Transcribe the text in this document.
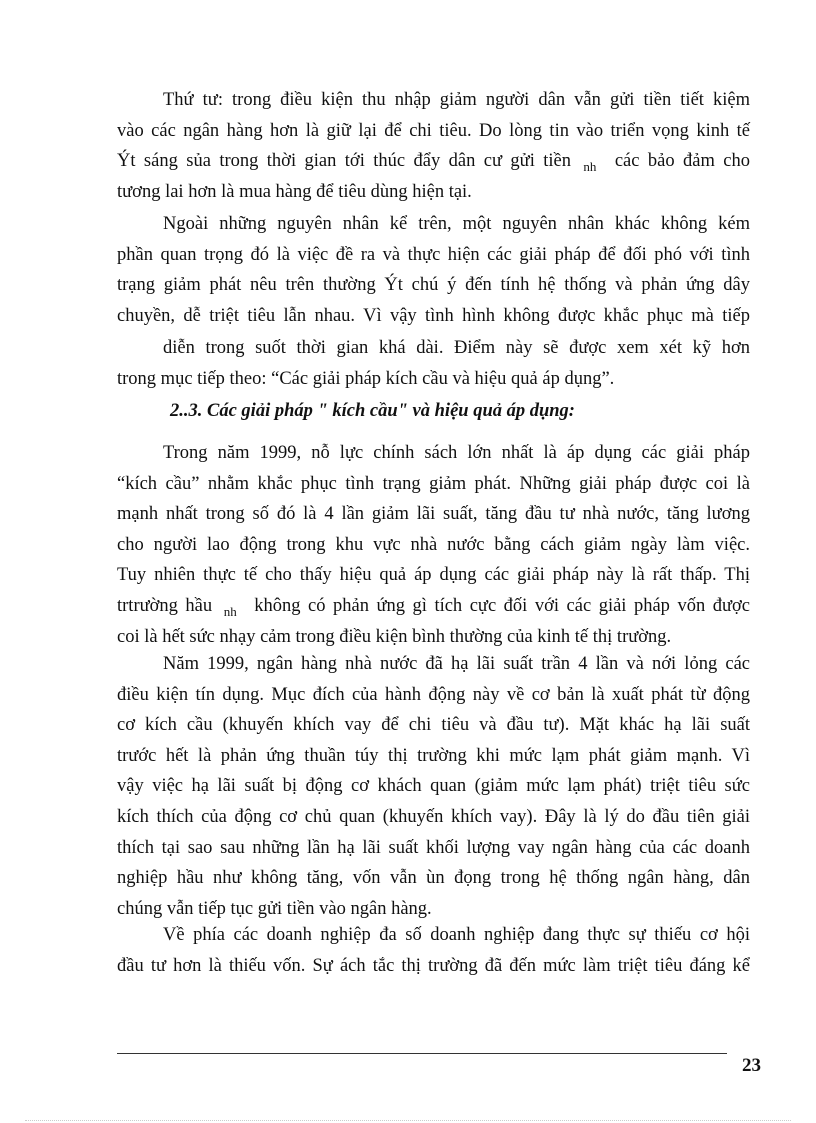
Thứ tư: trong điều kiện thu nhập giảm người dân vẫn gửi tiền tiết kiệm
vào các ngân hàng hơn là giữ lại để chi tiêu. Do lòng tin vào triển vọng kinh tế
Ýt sáng sủa trong thời gian tới thúc đẩy dân cư gửi tiền $_{nh}$ các bảo đảm cho
tương lai hơn là mua hàng để tiêu dùng hiện tại.
Ngoài những nguyên nhân kể trên, một nguyên nhân khác không kém
phần quan trọng đó là việc đề ra và thực hiện các giải pháp để đối phó với tình
trạng giảm phát nêu trên thường Ýt chú ý đến tính hệ thống và phản ứng dây
chuyền, dễ triệt tiêu lẫn nhau. Vì vậy tình hình không được khắc phục mà tiếp
diễn trong suốt thời gian khá dài. Điểm này sẽ được xem xét kỹ hơn
trong mục tiếp theo: “Các giải pháp kích cầu và hiệu quả áp dụng”.
2..3. Các giải pháp " kích cầu" và hiệu quả áp dụng:
Trong năm 1999, nỗ lực chính sách lớn nhất là áp dụng các giải pháp
“kích cầu” nhằm khắc phục tình trạng giảm phát. Những giải pháp được coi là
mạnh nhất trong số đó là 4 lần giảm lãi suất, tăng đầu tư nhà nước, tăng lương
cho người lao động trong khu vực nhà nước bằng cách giảm ngày làm việc.
Tuy nhiên thực tế cho thấy hiệu quả áp dụng các giải pháp này là rất thấp. Thị
trtrường hầu $_{nh}$ không có phản ứng gì tích cực đối với các giải pháp vốn được
coi là hết sức nhạy cảm trong điều kiện bình thường của kinh tế thị trường.
Năm 1999, ngân hàng nhà nước đã hạ lãi suất trần 4 lần và nới lỏng các
điều kiện tín dụng. Mục đích của hành động này về cơ bản là xuất phát từ động
cơ kích cầu (khuyến khích vay để chi tiêu và đầu tư). Mặt khác hạ lãi suất
trước hết là phản ứng thuần túy thị trường khi mức lạm phát giảm mạnh. Vì
vậy việc hạ lãi suất bị động cơ khách quan (giảm mức lạm phát) triệt tiêu sức
kích thích của động cơ chủ quan (khuyến khích vay). Đây là lý do đầu tiên giải
thích tại sao sau những lần hạ lãi suất khối lượng vay ngân hàng của các doanh
nghiệp hầu như không tăng, vốn vẫn ùn đọng trong hệ thống ngân hàng, dân
chúng vẫn tiếp tục gửi tiền vào ngân hàng.
Về phía các doanh nghiệp đa số doanh nghiệp đang thực sự thiếu cơ hội
đầu tư hơn là thiếu vốn. Sự ách tắc thị trường đã đến mức làm triệt tiêu đáng kể
23
